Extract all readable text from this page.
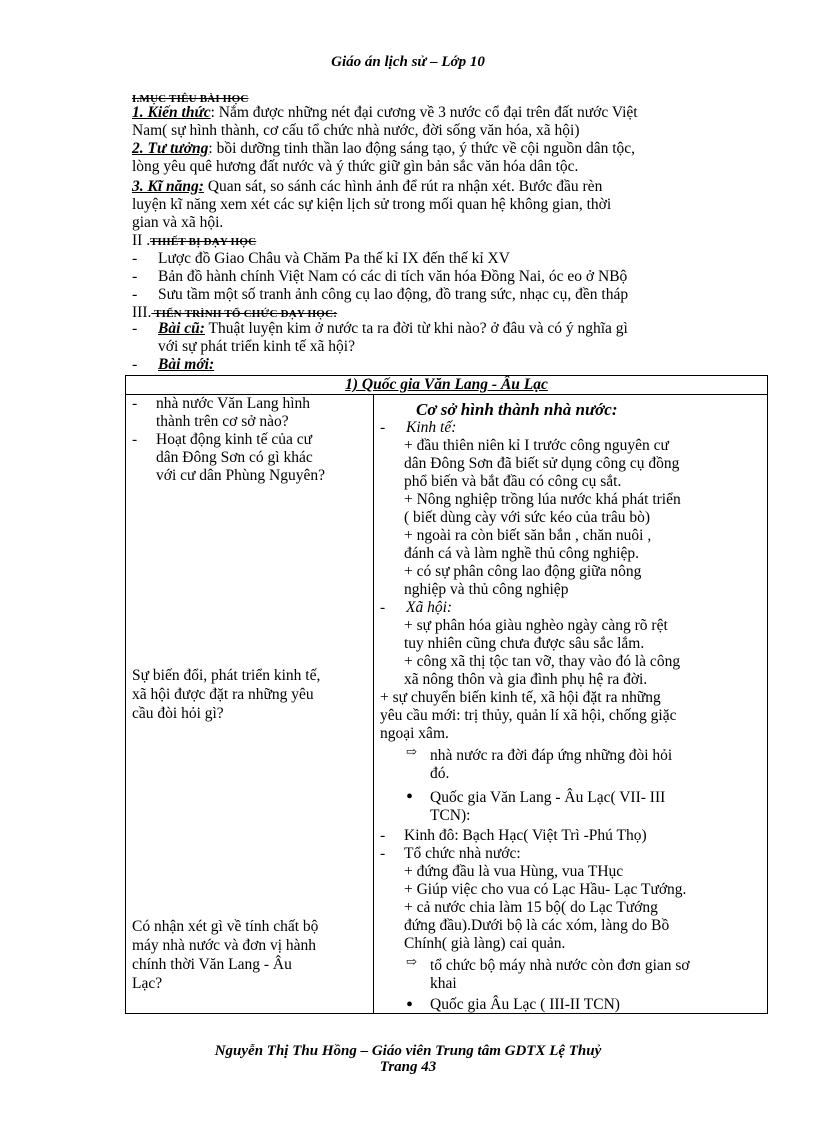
Giáo án lịch sử – Lớp 10
I.MỤC TIÊU BÀI HỌC
1. Kiến thức: Nắm được những nét đại cương về 3 nước cổ đại trên đất nước Việt
Nam( sự hình thành, cơ cấu tổ chức nhà nước, đời sống văn hóa, xã hội)
2. Tư tưởng: bồi dưỡng tinh thần lao động sáng tạo, ý thức về cội nguồn dân tộc,
lòng yêu quê hương đất nước và ý thức giữ gìn bản sắc văn hóa dân tộc.
3. Kĩ năng: Quan sát, so sánh các hình ảnh để rút ra nhận xét. Bước đầu rèn
luyện kĩ năng xem xét các sự kiện lịch sử trong mối quan hệ không gian, thời
gian và xã hội.
II .THIẾT BỊ DẠY HỌC
- Lược đồ Giao Châu và Chăm Pa thế kỉ IX đến thế kỉ XV
- Bản đồ hành chính Việt Nam có các di tích văn hóa Đồng Nai, óc eo ở NBộ
- Sưu tầm một số tranh ảnh công cụ lao động, đồ trang sức, nhạc cụ, đền tháp
III. TIẾN TRÌNH TỔ CHỨC DẠY HỌC:
- Bài cũ: Thuật luyện kim ở nước ta ra đời từ khi nào? ở đâu và có ý nghĩa gì
với sự phát triển kinh tế xã hội?
- Bài mới:
1) Quốc gia Văn Lang - Âu Lạc
- nhà nước Văn Lang hình
thành trên cơ sở nào?
- Hoạt động kinh tế của cư
dân Đông Sơn có gì khác
với cư dân Phùng Nguyên?
Sự biến đổi, phát triển kinh tế,
xã hội được đặt ra những yêu
cầu đòi hỏi gì?
Có nhận xét gì về tính chất bộ
máy nhà nước và đơn vị hành
chính thời Văn Lang - Âu
Lạc?
Cơ sở hình thành nhà nước:
- Kinh tế:
+ đầu thiên niên kỉ I trước công nguyên cư
dân Đông Sơn đã biết sử dụng công cụ đồng
phổ biến và bắt đầu có công cụ sắt.
+ Nông nghiệp trồng lúa nước khá phát triển
( biết dùng cày với sức kéo của trâu bò)
+ ngoài ra còn biết săn bắn , chăn nuôi ,
đánh cá và làm nghề thủ công nghiệp.
+ có sự phân công lao động giữa nông
nghiệp và thủ công nghiệp
- Xã hội:
+ sự phân hóa giàu nghèo ngày càng rõ rệt
tuy nhiên cũng chưa được sâu sắc lắm.
+ công xã thị tộc tan vỡ, thay vào đó là công
xã nông thôn và gia đình phụ hệ ra đời.
+ sự chuyển biến kinh tế, xã hội đặt ra những
yêu cầu mới: trị thủy, quản lí xã hội, chống giặc
ngoại xâm.
⇨ nhà nước ra đời đáp ứng những đòi hỏi
đó.
• Quốc gia Văn Lang - Âu Lạc( VII- III
TCN):
- Kinh đô: Bạch Hạc( Việt Trì -Phú Thọ)
- Tổ chức nhà nước:
+ đứng đầu là vua Hùng, vua THục
+ Giúp việc cho vua có Lạc Hầu- Lạc Tướng.
+ cả nước chia làm 15 bộ( do Lạc Tướng
đứng đầu).Dưới bộ là các xóm, làng do Bồ
Chính( già làng) cai quản.
⇨ tổ chức bộ máy nhà nước còn đơn gian sơ
khai
• Quốc gia Âu Lạc ( III-II TCN)
Nguyễn Thị Thu Hồng – Giáo viên Trung tâm GDTX Lệ Thuỷ
Trang 43
